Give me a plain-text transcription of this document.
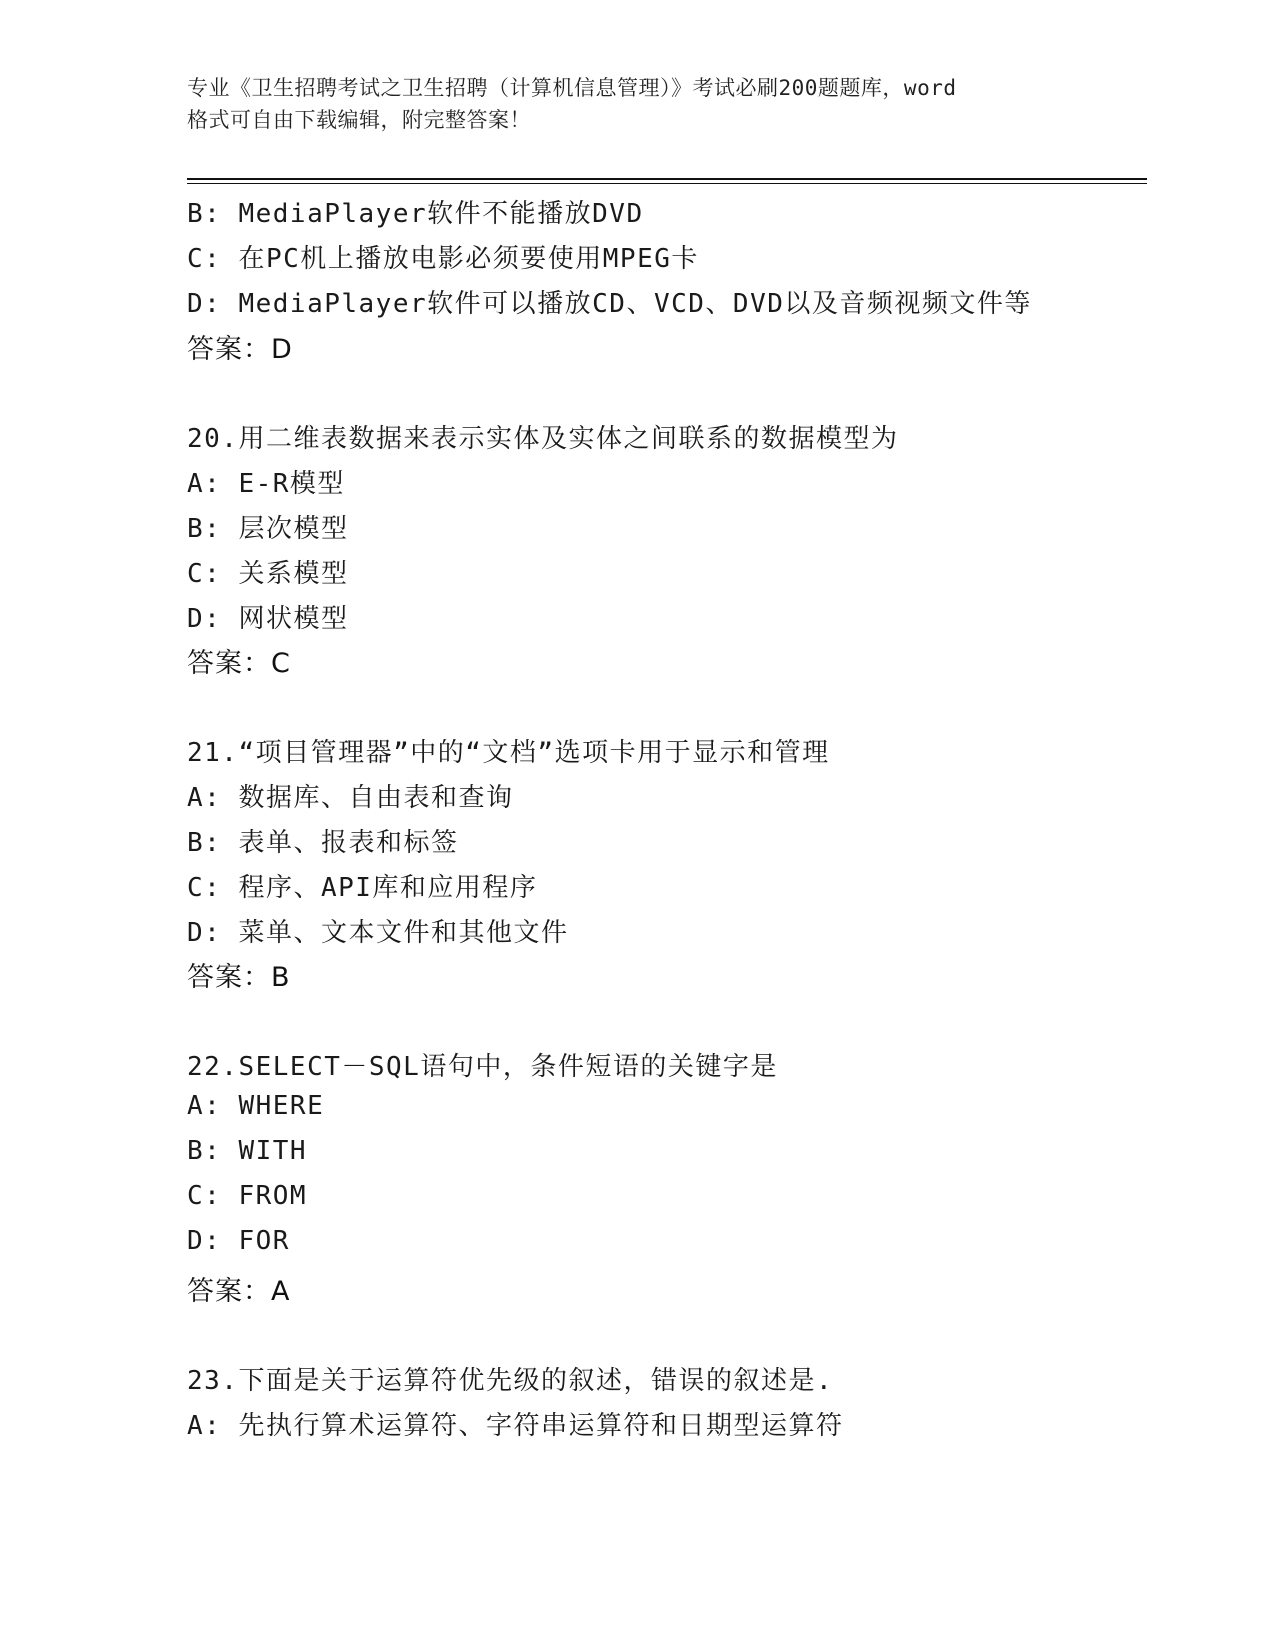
专业《卫生招聘考试之卫生招聘（计算机信息管理）》考试必刷200题题库，word
格式可自由下载编辑，附完整答案！
B: MediaPlayer软件不能播放DVD
C: 在PC机上播放电影必须要使用MPEG卡
D: MediaPlayer软件可以播放CD、VCD、DVD以及音频视频文件等
答案：D
20.用二维表数据来表示实体及实体之间联系的数据模型为
A: E-R模型
B: 层次模型
C: 关系模型
D: 网状模型
答案：C
21.“项目管理器”中的“文档”选项卡用于显示和管理
A: 数据库、自由表和查询
B: 表单、报表和标签
C: 程序、API库和应用程序
D: 菜单、文本文件和其他文件
答案：B
22.SELECT－SQL语句中，条件短语的关键字是
A: WHERE
B: WITH
C: FROM
D: FOR
答案：A
23.下面是关于运算符优先级的叙述，错误的叙述是.
A: 先执行算术运算符、字符串运算符和日期型运算符
